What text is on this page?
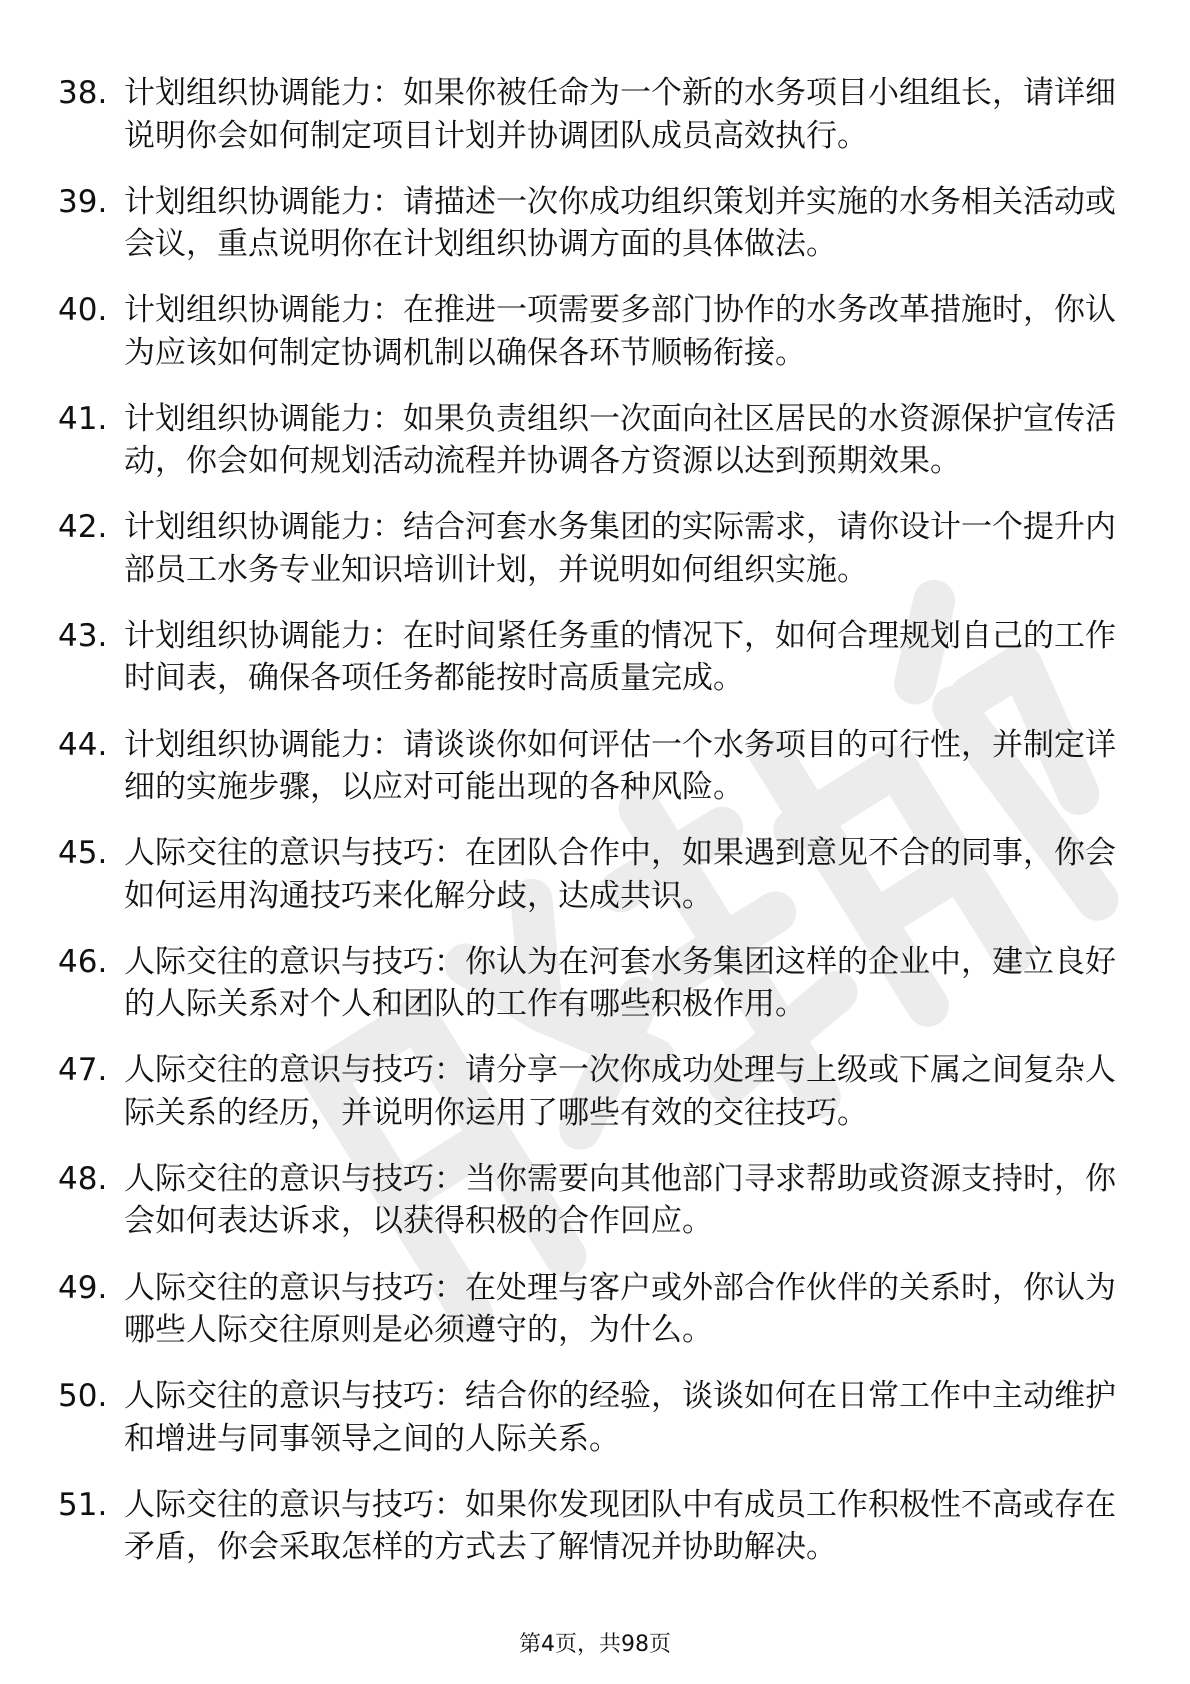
38. 计划组织协调能力：如果你被任命为一个新的水务项目小组组长，请详细说明你会如何制定项目计划并协调团队成员高效执行。
39. 计划组织协调能力：请描述一次你成功组织策划并实施的水务相关活动或会议，重点说明你在计划组织协调方面的具体做法。
40. 计划组织协调能力：在推进一项需要多部门协作的水务改革措施时，你认为应该如何制定协调机制以确保各环节顺畅衔接。
41. 计划组织协调能力：如果负责组织一次面向社区居民的水资源保护宣传活动，你会如何规划活动流程并协调各方资源以达到预期效果。
42. 计划组织协调能力：结合河套水务集团的实际需求，请你设计一个提升内部员工水务专业知识培训计划，并说明如何组织实施。
43. 计划组织协调能力：在时间紧任务重的情况下，如何合理规划自己的工作时间表，确保各项任务都能按时高质量完成。
44. 计划组织协调能力：请谈谈你如何评估一个水务项目的可行性，并制定详细的实施步骤，以应对可能出现的各种风险。
45. 人际交往的意识与技巧：在团队合作中，如果遇到意见不合的同事，你会如何运用沟通技巧来化解分歧，达成共识。
46. 人际交往的意识与技巧：你认为在河套水务集团这样的企业中，建立良好的人际关系对个人和团队的工作有哪些积极作用。
47. 人际交往的意识与技巧：请分享一次你成功处理与上级或下属之间复杂人际关系的经历，并说明你运用了哪些有效的交往技巧。
48. 人际交往的意识与技巧：当你需要向其他部门寻求帮助或资源支持时，你会如何表达诉求，以获得积极的合作回应。
49. 人际交往的意识与技巧：在处理与客户或外部合作伙伴的关系时，你认为哪些人际交往原则是必须遵守的，为什么。
50. 人际交往的意识与技巧：结合你的经验，谈谈如何在日常工作中主动维护和增进与同事领导之间的人际关系。
51. 人际交往的意识与技巧：如果你发现团队中有成员工作积极性不高或存在矛盾，你会采取怎样的方式去了解情况并协助解决。
第4页，共98页
